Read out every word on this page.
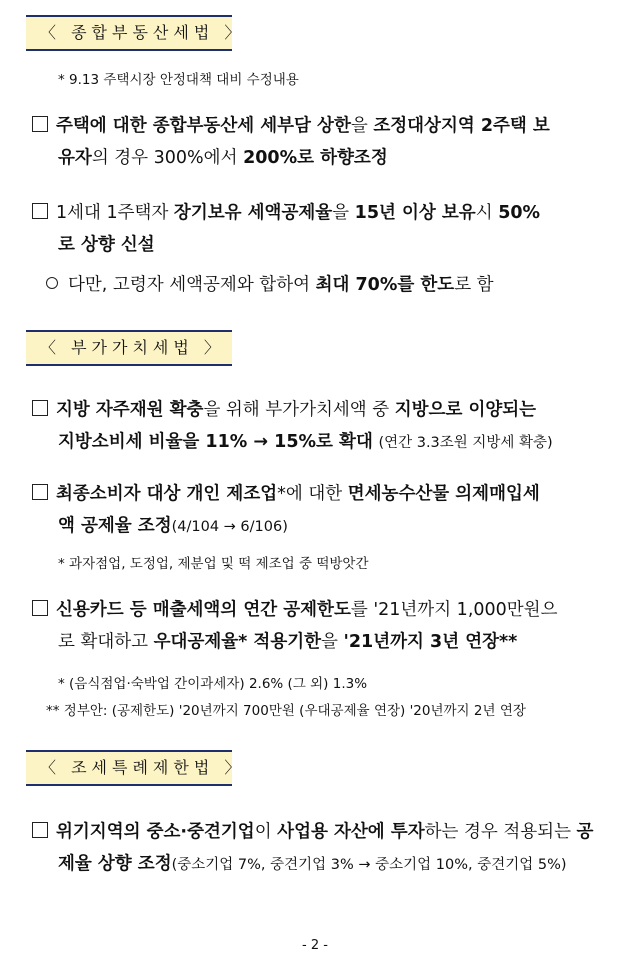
〈 종합부동산세법 〉
* 9.13 주택시장 안정대책 대비 수정내용
주택에 대한 종합부동산세 세부담 상한을 조정대상지역 2주택 보
유자의 경우 300%에서 200%로 하향조정
1세대 1주택자 장기보유 세액공제율을 15년 이상 보유시 50%
로 상향 신설
다만, 고령자 세액공제와 합하여 최대 70%를 한도로 함
〈 부가가치세법 〉
지방 자주재원 확충을 위해 부가가치세액 중 지방으로 이양되는
지방소비세 비율을 11% → 15%로 확대 (연간 3.3조원 지방세 확충)
최종소비자 대상 개인 제조업*에 대한 면세농수산물 의제매입세
액 공제율 조정(4/104 → 6/106)
* 과자점업, 도정업, 제분업 및 떡 제조업 중 떡방앗간
신용카드 등 매출세액의 연간 공제한도를 '21년까지 1,000만원으
로 확대하고 우대공제율* 적용기한을 '21년까지 3년 연장**
* (음식점업·숙박업 간이과세자) 2.6% (그 외) 1.3%
** 정부안: (공제한도) '20년까지 700만원 (우대공제율 연장) '20년까지 2년 연장
〈 조세특례제한법 〉
위기지역의 중소·중견기업이 사업용 자산에 투자하는 경우 적용되는 공
제율 상향 조정(중소기업 7%, 중견기업 3% → 중소기업 10%, 중견기업 5%)
- 2 -
